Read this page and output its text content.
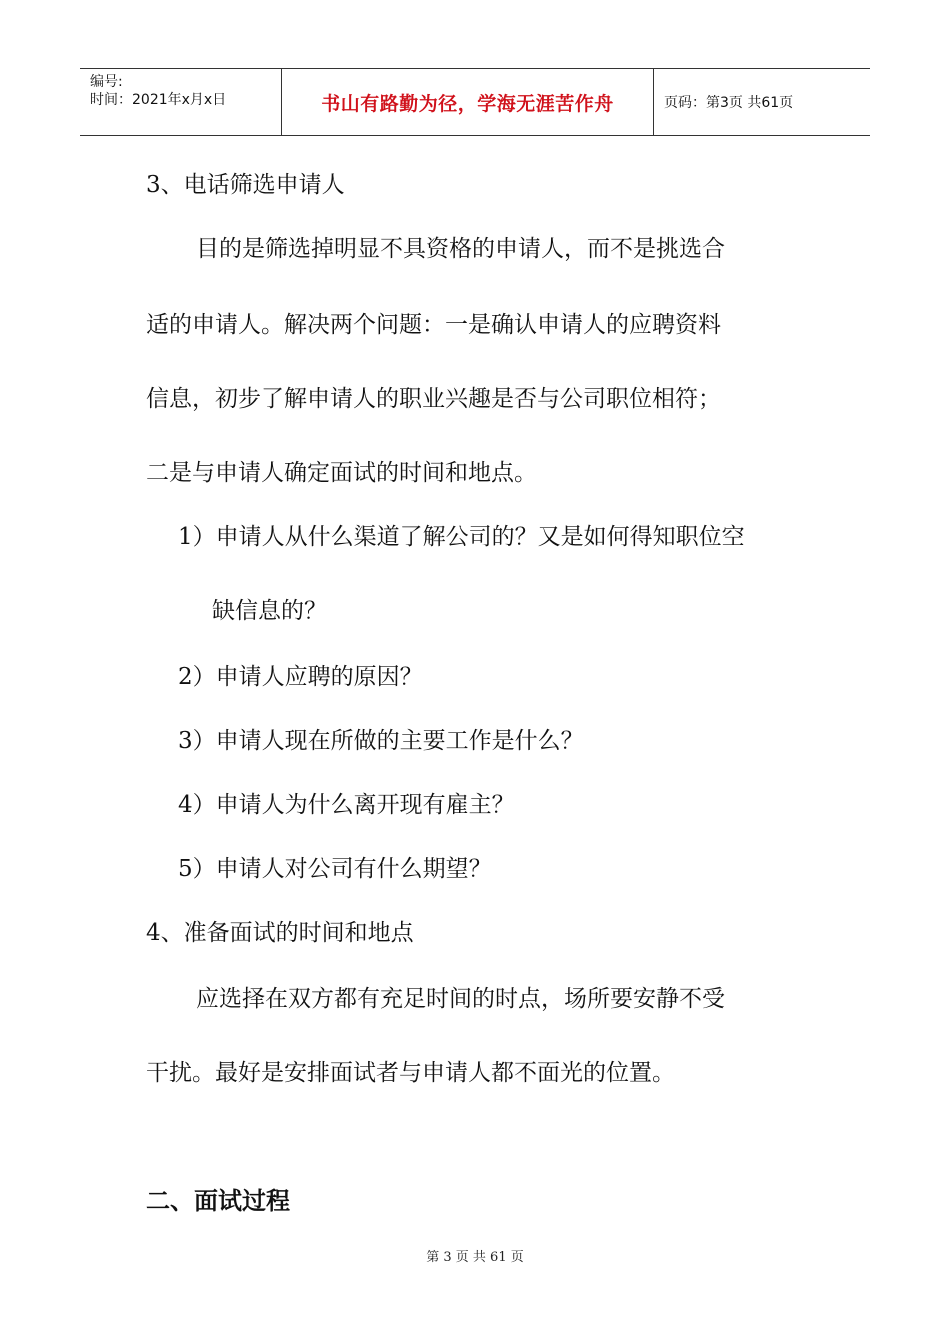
编号:
时间：2021年x月x日	书山有路勤为径，学海无涯苦作舟	页码：第3页 共61页
3、电话筛选申请人
目的是筛选掉明显不具资格的申请人，而不是挑选合
适的申请人。解决两个问题：一是确认申请人的应聘资料
信息，初步了解申请人的职业兴趣是否与公司职位相符；
二是与申请人确定面试的时间和地点。
1）申请人从什么渠道了解公司的？又是如何得知职位空
缺信息的？
2）申请人应聘的原因？
3）申请人现在所做的主要工作是什么？
4）申请人为什么离开现有雇主？
5）申请人对公司有什么期望？
4、准备面试的时间和地点
应选择在双方都有充足时间的时点，场所要安静不受
干扰。最好是安排面试者与申请人都不面光的位置。
二、面试过程
第 3 页 共 61 页
